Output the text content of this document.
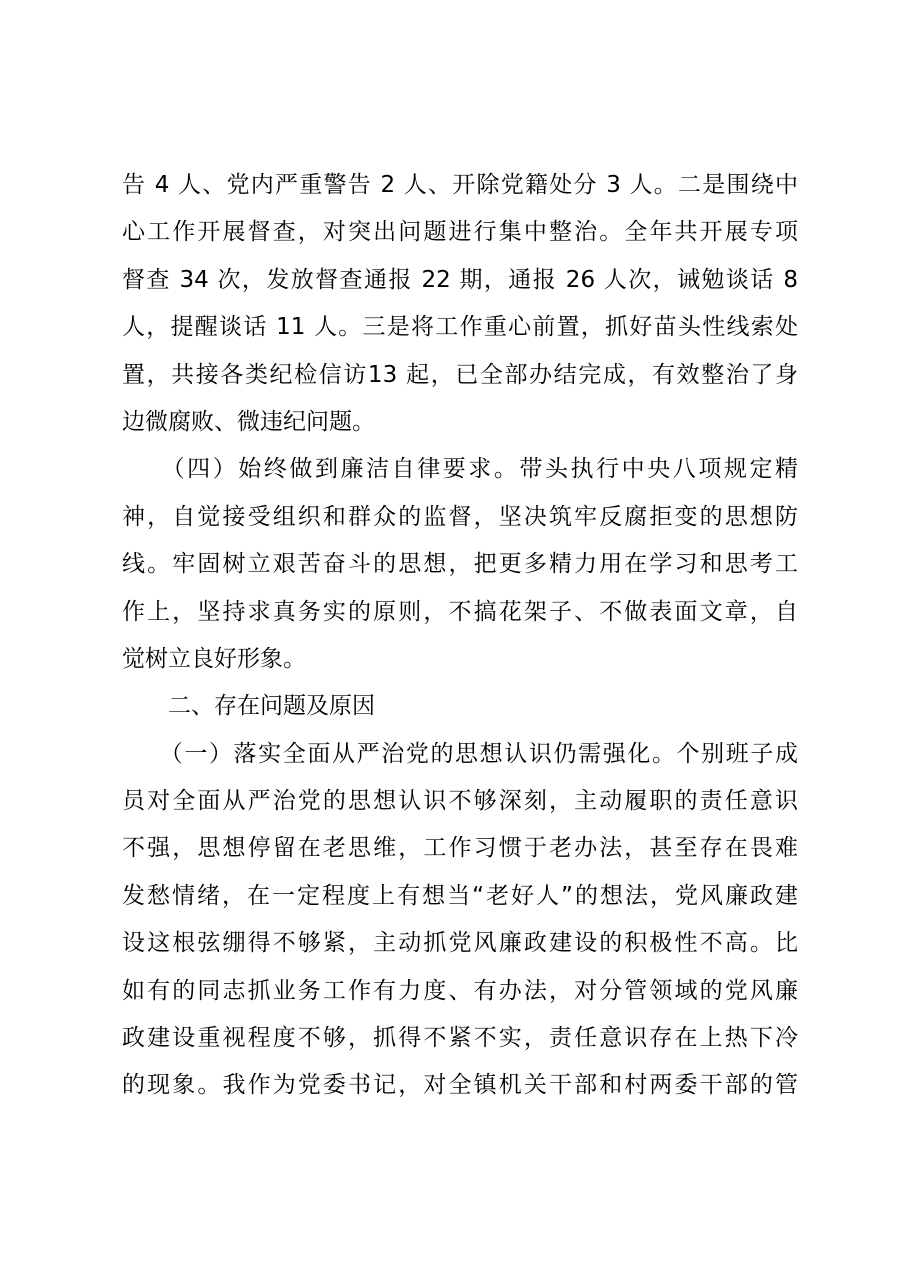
告 4 人、党内严重警告 2 人、开除党籍处分 3 人。二是围绕中
心工作开展督查，对突出问题进行集中整治。全年共开展专项
督查 34 次，发放督查通报 22 期，通报 26 人次，诫勉谈话 8
人，提醒谈话 11 人。三是将工作重心前置，抓好苗头性线索处
置，共接各类纪检信访13 起，已全部办结完成，有效整治了身
边微腐败、微违纪问题。
　　（四）始终做到廉洁自律要求。带头执行中央八项规定精
神，自觉接受组织和群众的监督，坚决筑牢反腐拒变的思想防
线。牢固树立艰苦奋斗的思想，把更多精力用在学习和思考工
作上，坚持求真务实的原则，不搞花架子、不做表面文章，自
觉树立良好形象。
　　二、存在问题及原因
　　（一）落实全面从严治党的思想认识仍需强化。个别班子成
员对全面从严治党的思想认识不够深刻，主动履职的责任意识
不强，思想停留在老思维，工作习惯于老办法，甚至存在畏难
发愁情绪，在一定程度上有想当“老好人”的想法，党风廉政建
设这根弦绷得不够紧，主动抓党风廉政建设的积极性不高。比
如有的同志抓业务工作有力度、有办法，对分管领域的党风廉
政建设重视程度不够，抓得不紧不实，责任意识存在上热下冷
的现象。我作为党委书记，对全镇机关干部和村两委干部的管
